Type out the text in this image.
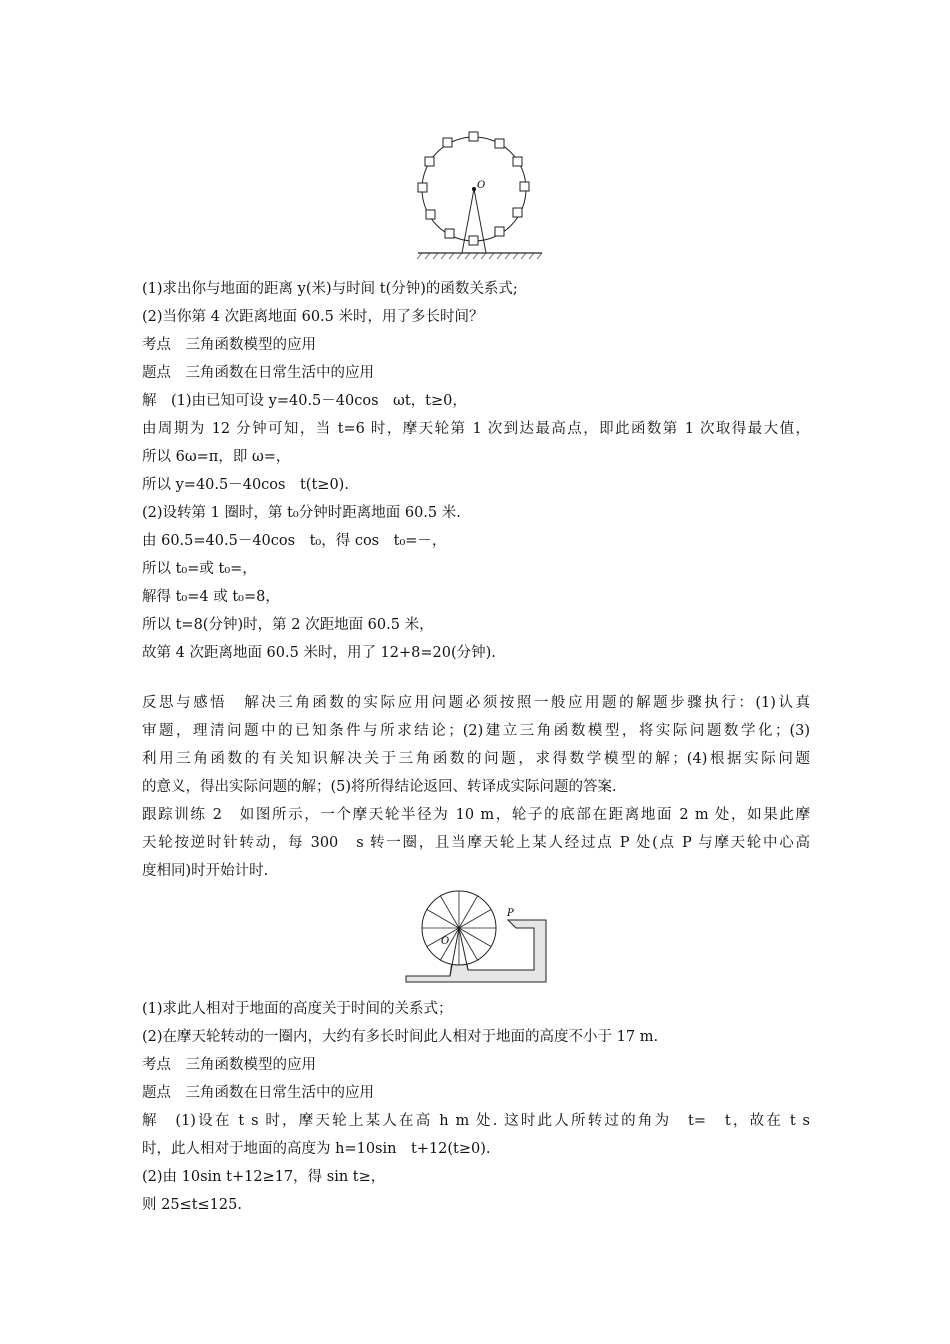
O
P
O
(1)求出你与地面的距离 y(米)与时间 t(分钟)的函数关系式;
(2)当你第 4 次距离地面 60.5 米时，用了多长时间？
考点　三角函数模型的应用
题点　三角函数在日常生活中的应用
解　(1)由已知可设 y=40.5－40cos　ωt，t≥0，
由周期为 12 分钟可知，当 t=6 时，摩天轮第 1 次到达最高点，即此函数第 1 次取得最大值，
所以 6ω=π，即 ω=，
所以 y=40.5－40cos　t(t≥0).
(2)设转第 1 圈时，第 t₀分钟时距离地面 60.5 米.
由 60.5=40.5－40cos　t₀，得 cos　t₀=－，
所以 t₀=或 t₀=，
解得 t₀=4 或 t₀=8，
所以 t=8(分钟)时，第 2 次距地面 60.5 米，
故第 4 次距离地面 60.5 米时，用了 12+8=20(分钟).
反思与感悟　解决三角函数的实际应用问题必须按照一般应用题的解题步骤执行：(1)认真
审题，理清问题中的已知条件与所求结论；(2)建立三角函数模型，将实际问题数学化；(3)
利用三角函数的有关知识解决关于三角函数的问题，求得数学模型的解；(4)根据实际问题
的意义，得出实际问题的解；(5)将所得结论返回、转译成实际问题的答案.
跟踪训练 2　如图所示，一个摩天轮半径为 10 m，轮子的底部在距离地面 2 m 处，如果此摩
天轮按逆时针转动，每 300　s 转一圈，且当摩天轮上某人经过点 P 处(点 P 与摩天轮中心高
度相同)时开始计时.
(1)求此人相对于地面的高度关于时间的关系式；
(2)在摩天轮转动的一圈内，大约有多长时间此人相对于地面的高度不小于 17 m.
考点　三角函数模型的应用
题点　三角函数在日常生活中的应用
解　(1)设在 t s 时，摩天轮上某人在高 h m 处. 这时此人所转过的角为　t=　t，故在 t s
时，此人相对于地面的高度为 h=10sin　t+12(t≥0).
(2)由 10sin t+12≥17，得 sin t≥，
则 25≤t≤125.
